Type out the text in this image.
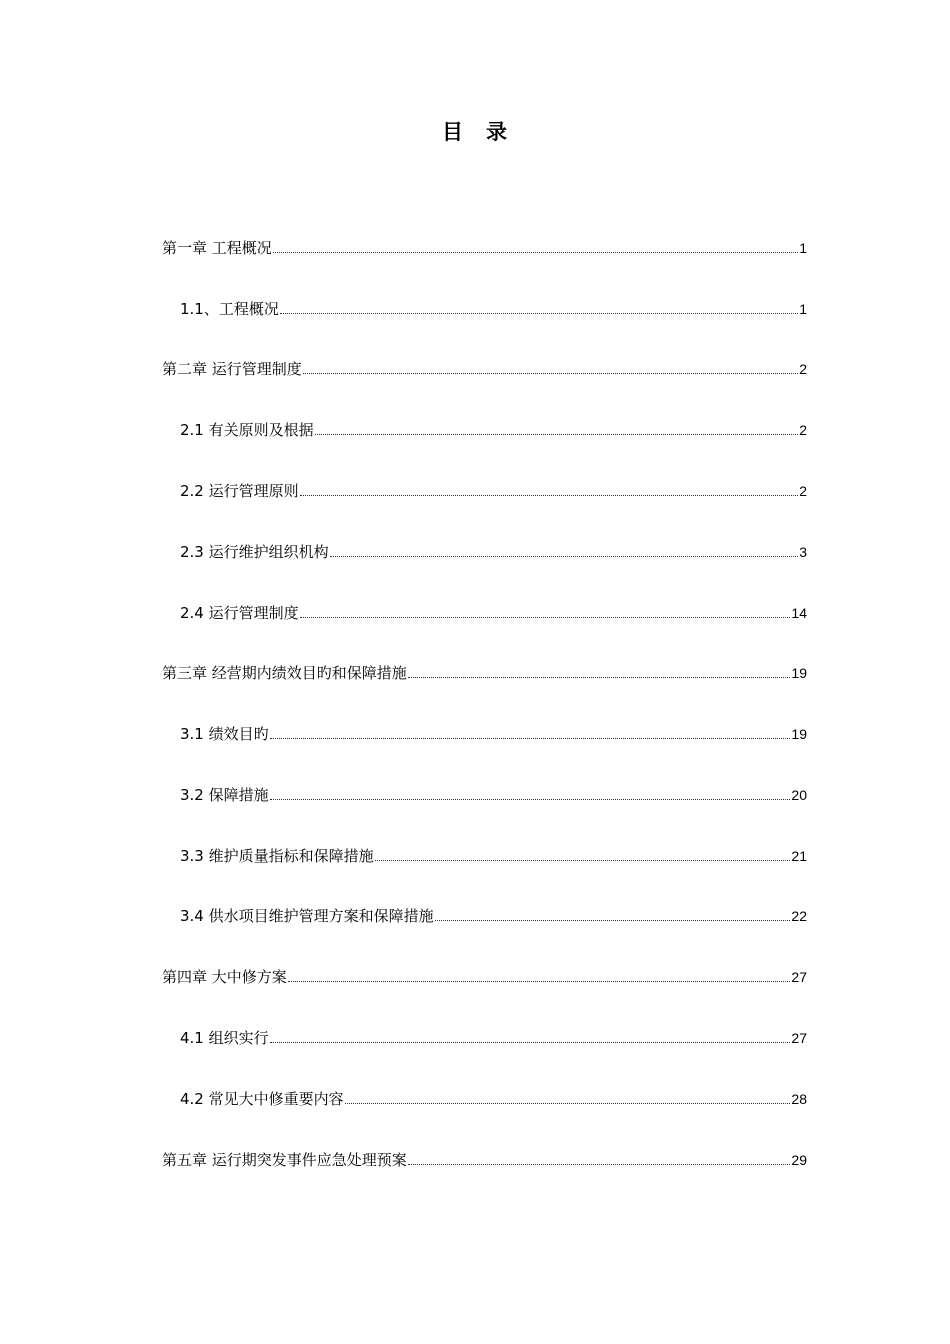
目　录
第一章 工程概况	1
1.1、工程概况	1
第二章 运行管理制度	2
2.1 有关原则及根据	2
2.2 运行管理原则	2
2.3 运行维护组织机构	3
2.4 运行管理制度	14
第三章 经营期内绩效目旳和保障措施	19
3.1 绩效目旳	19
3.2 保障措施	20
3.3 维护质量指标和保障措施	21
3.4 供水项目维护管理方案和保障措施	22
第四章 大中修方案	27
4.1 组织实行	27
4.2 常见大中修重要内容	28
第五章 运行期突发事件应急处理预案	29
